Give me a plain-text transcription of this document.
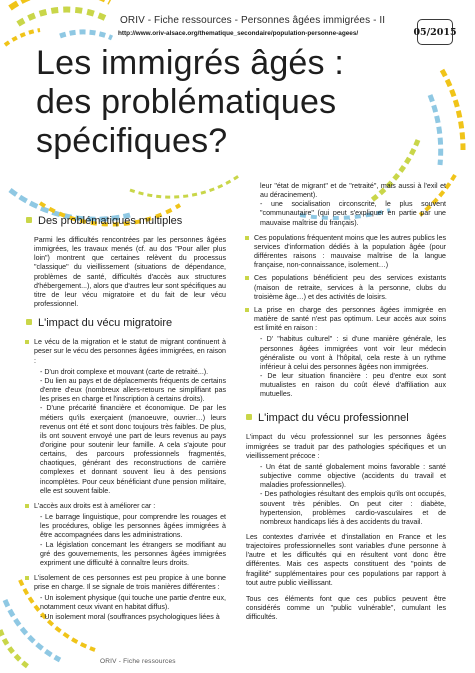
ORIV - Fiche ressources - Personnes âgées immigrées - II
http://www.oriv-alsace.org/thematique_secondaire/population-personne-agees/	05/2015
Les immigrés âgés :
des problématiques
spécifiques?
Des problématiques multiples

Parmi les difficultés rencontrées par les personnes âgées immigrées, les travaux menés (cf. au dos "Pour aller plus loin") montrent que certaines relèvent du processus "classique" du vieillissement (situations de dépendance, problèmes de santé, difficultés d'accès aux structures d'hébergement...), alors que d'autres leur sont spécifiques au titre de leur vécu migratoire et du fait de leur vécu professionnel.

L'impact du vécu migratoire
Le vécu de la migration et le statut de migrant continuent à peser sur le vécu des personnes âgées immigrées, en raison :

- D'un droit complexe et mouvant (carte de retraité...).

- Du lien au pays et de déplacements fréquents de certains d'entre d'eux (nombreux allers-retours ne simplifiant pas les prises en charge et l'inscription à certains droits).

- D'une précarité financière et économique. De par les métiers qu'ils exerçaient (manoeuvre, ouvrier…) leurs revenus ont été et sont donc toujours très faibles. De plus, ils ont souvent envoyé une part de leurs revenus au pays d'origine pour soutenir leur famille. A cela s'ajoute pour certains, des parcours professionnels fragmentés, chaotiques, générant des reconstructions de carrière complexes et donnant souvent lieu à des pensions incomplètes. Pour ceux bénéficiant d'une pension militaire, elle est souvent faible.

L'accès aux droits est à améliorer car :

- Le barrage linguistique, pour comprendre les rouages et les procédures, oblige les personnes âgées immigrées à être accompagnées dans les administrations.

- La législation concernant les étrangers se modifiant au gré des gouvernements, les personnes âgées immigrées expriment une difficulté à connaître leurs droits.

L'isolement de ces personnes est peu propice à une bonne prise en charge. Il se signale de trois manières différentes :

- Un isolement physique (qui touche une partie d'entre eux, notamment ceux vivant en habitat diffus).

- Un isolement moral (souffrances psychologiques liées à

leur "état de migrant" et de "retraité", mais aussi à l'exil et au déracinement).

- une socialisation circonscrite, le plus souvent "communautaire" (qui peut s'expliquer en partie par une mauvaise maîtrise du français).

Ces populations fréquentent moins que les autres publics les services d'information dédiés à la population âgée (pour différentes raisons : mauvaise maîtrise de la langue française, non-connaissance, isolement…)
Ces populations bénéficient peu des services existants (maison de retraite, services à la personne, clubs du troisième âge…) et des activités de loisirs.
La prise en charge des personnes âgées immigrée en matière de santé n'est pas optimum. Leur accès aux soins est limité en raison :

- D' "habitus culturel" : si d'une manière générale, les personnes âgées immigrées vont voir leur médecin généraliste ou vont à l'hôpital, cela reste à un rythme inférieur à celui des personnes âgées non immigrées.

- De leur situation financière : peu d'entre eux sont mutualistes en raison du coût élevé d'affiliation aux mutuelles.

L'impact du vécu professionnel

L'impact du vécu professionnel sur les personnes âgées immigrées se traduit par des pathologies spécifiques et un vieillissement précoce :

- Un état de santé globalement moins favorable : santé subjective comme objective (accidents du travail et maladies professionnelles).

- Des pathologies résultant des emplois qu'ils ont occupés, souvent très pénibles. On peut citer : diabète, hypertension, problèmes cardio-vasculaires et de nombreux handicaps liés à des accidents du travail.

Les contextes d'arrivée et d'installation en France et les trajectoires professionnelles sont variables d'une personne à l'autre et les difficultés qui en résultent vont donc être différentes. Mais ces aspects constituent des "points de fragilité" supplémentaires pour ces populations par rapport à tout autre public vieillissant.

Tous ces éléments font que ces publics peuvent être considérés comme un "public vulnérable", cumulant les difficultés.

ORIV - Fiche ressources
